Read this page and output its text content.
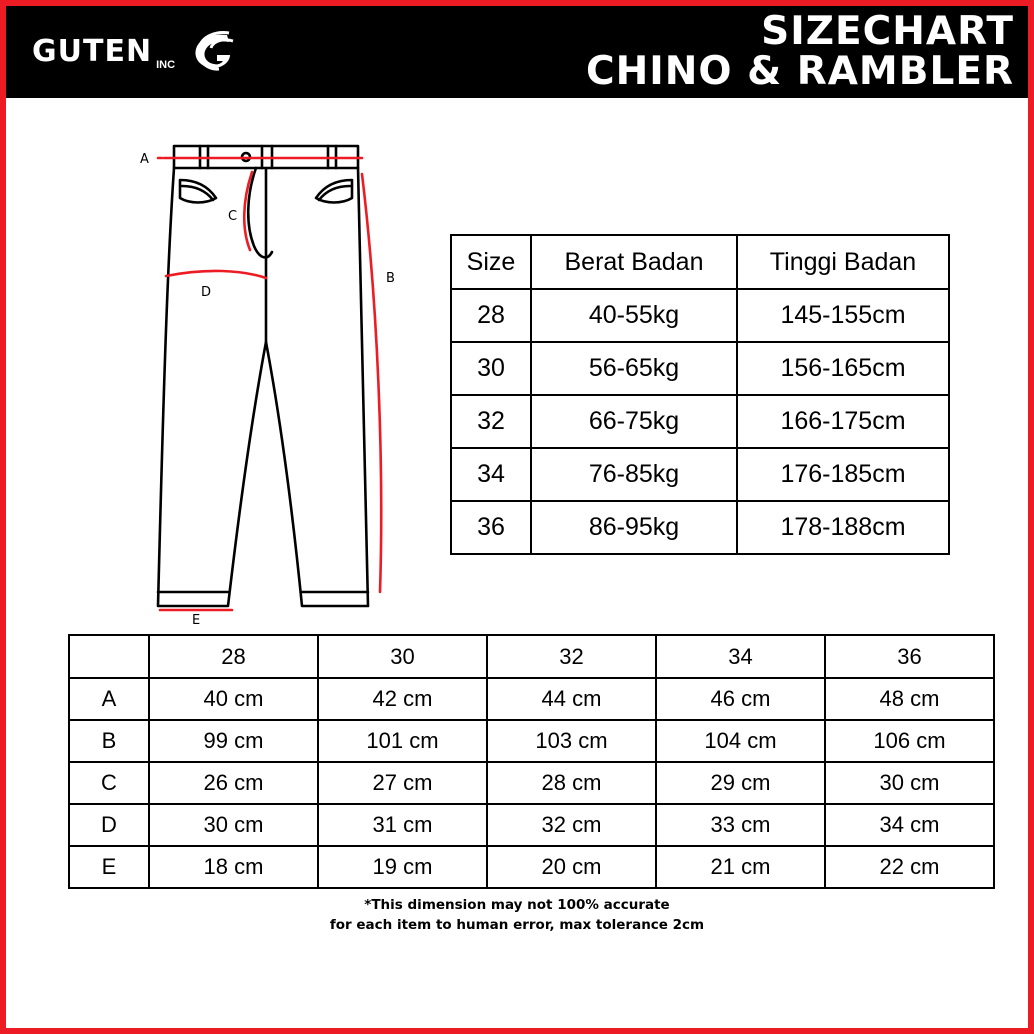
GUTEN INC
SIZECHART
CHINO & RAMBLER
A
B
C
D
E
Size	Berat Badan	Tinggi Badan
28	40-55kg	145-155cm
30	56-65kg	156-165cm
32	66-75kg	166-175cm
34	76-85kg	176-185cm
36	86-95kg	178-188cm
	28	30	32	34	36
A	40 cm	42 cm	44 cm	46 cm	48 cm
B	99 cm	101 cm	103 cm	104 cm	106 cm
C	26 cm	27 cm	28 cm	29 cm	30 cm
D	30 cm	31 cm	32 cm	33 cm	34 cm
E	18 cm	19 cm	20 cm	21 cm	22 cm
*This dimension may not 100% accurate
for each item to human error, max tolerance 2cm
